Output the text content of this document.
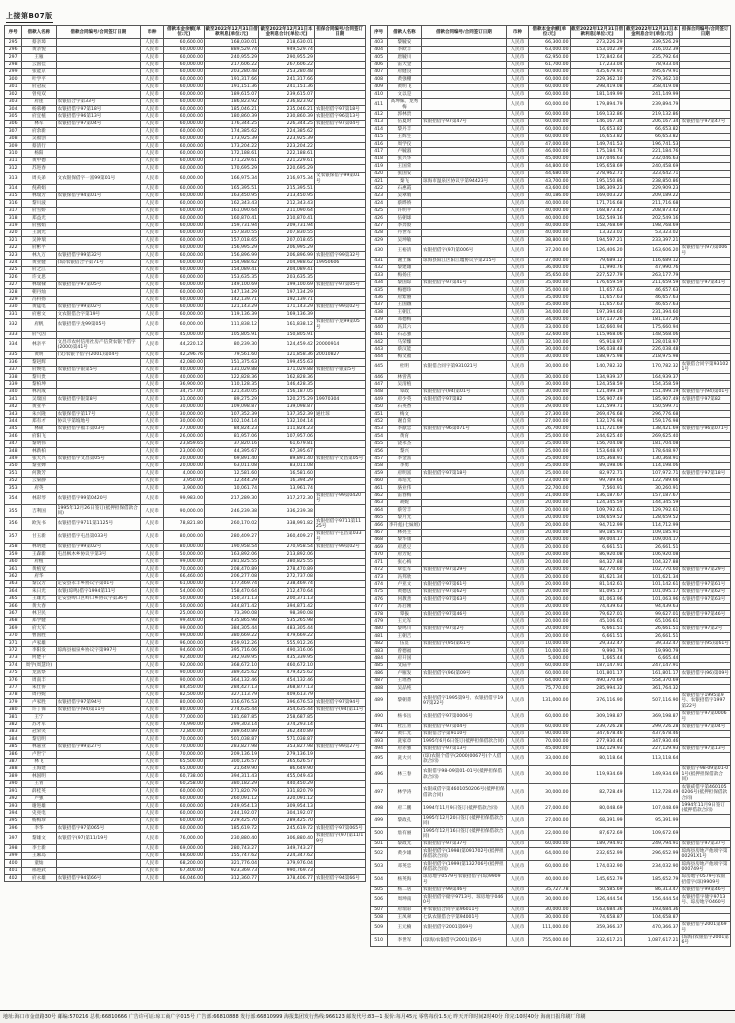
上接第B07版
序号	借款人名称	借款合同编号/合同签订日期	币种	借款本金余额[单位:元]	截至2022年12月31日借款利息[单位:元]	截至2022年12月31日本金利息合计[单位:元]	担保合同编号/合同签订日期
295	蔡亲璋		人民币	60,600.00	168,030.01	218,630.01	
296	黄亲悦		人民币	60,000.00	889,529.74	949,529.74	
297	王雁		人民币	60,000.00	240,955.29	290,955.29	
298	云国佳		人民币	60,000.00	217,606.22	267,606.22	
299	张能京		人民币	60,000.00	203,280.48	253,280.48	
300	叶学平		人民币	60,000.00	191,317.66	241,317.66	
301	府冠辰		人民币	60,000.00	191,151.36	241,151.36	
302	曾宛双		人民币	60,000.00	189,615.07	239,615.07	
303	府莲	农银借合字第33号	人民币	60,000.00	186,823.92	236,823.92	
304	杨慕樽	农银招借字97第18号	人民币	60,000.00	185,046.21	235,046.21	农银招借字97第18号
305	府宜植	农银招借字96第13号	人民币	60,000.00	180,860.39	230,860.39	农银招借字96第13号
306	林军	农银招借字97第04号	人民币	60,000.00	176,344.25	226,344.25	农银招借字97第04号
307	府余新		人民币	60,000.00	174,385.62	224,385.62	
308	吴福创		人民币	60,000.00	173,925.39	223,925.39	
309	蔡清行		人民币	60,000.00	173,204.22	223,204.22	
310	杨阳		人民币	60,000.00	172,188.61	222,188.61	
311	黄中德		人民币	60,000.00	171,229.61	221,229.61	
312	苏进春		人民币	60,000.00	170,695.29	220,695.29	
313	周关弟	文农银保借字一富99第01号	人民币	60,000.00	166,975.34	216,975.34	文农银保借字99第01号
314	倪莉娟		人民币	60,000.00	165,395.51	215,395.51	
315	林瑞芳	农银保借字94第01号	人民币	60,000.00	163,450.95	213,450.95	
316	黎川波		人民币	60,000.00	162,343.43	212,343.43	
317	府雪娇		人民币	60,000.00	161,090.64	211,090.64	
318	郑益光		人民币	60,000.00	160,870.41	210,870.41	
319	府燕娟		人民币	60,000.00	159,731.94	209,731.94	
320	王润光		人民币	60,000.00	157,830.55	207,830.55	
321	吴钟瑞		人民币	60,000.00	157,018.65	207,018.65	
322	府彬平		人民币	60,000.00	156,995.29	206,995.29	
323	林九万	农银招借字99第32号	人民币	60,000.00	156,896.99	206,896.99	农银招借字99第32号
324	黄业健	(琼)农银借合字第71号	人民币	60,000.00	154,988.62	204,988.62	19950606
325	府之江		人民币	60,000.00	154,089.41	204,089.41	
326	许文思		人民币	60,000.00	153,635.35	203,635.35	
327	林瑞棣	农银招借字97第05号	人民币	60,000.00	149,100.69	199,100.69	农银招借字97第05号
328	朝丹灿		人民币	60,000.00	147,134.29	197,134.29	
329	冯科扬		人民币	60,000.00	142,139.71	192,139.71	
330	黄锰电	农银招借字99第02号	人民币	60,000.00	121,143.29	171,143.29	农银招借字99第02号
331	府惠文	文农银借合字第19号	人民币	60,000.00	119,136.39	169,136.39	
332	府帆	农银招借字龙99第05号	人民币	60,000.00	111,838.12	161,838.12	农银招借字龙99第05号
333	府气因		人民币	45,000.00	105,805.91	150,805.91	
334	林亲平	文昌市农村信用社房产信贷农银个借字(2000)第41号	人民币	44,220.12	80,239.30	124,459.42	20000914
335	黄明	(文)农银个借字(2001)第04号	人民币	42,296.76	79,561.60	121,858.36	20010827
336	黎赳辉		人民币	42,080.00	151,375.63	199,455.63	
337	府焕电	农银招借字银第5号	人民币	40,000.00	131,029.88	171,029.88	农银招借字银第5号
338	黎川贵		人民币	40,000.00	122,828.36	162,828.36	
339	黎柏坤		人民币	36,900.00	110,128.35	146,428.35	
340	林丙成		人民币	34,757.00	121,430.05	156,187.05	
341	吴瑞国	农银招借字银第8号	人民币	31,000.00	89,275.29	120,275.29	19970304
342	黄亚平		人民币	30,000.00	109,098.87	139,098.87	
343	朱兴隆	农银保借字第17号	人民币	30,000.00	107,352.39	137,352.39	通壮琼
344	郑有才	协议字第坡地号	人民币	30,000.00	102,104.14	132,104.14	
345	林硕	农银招借字福丰第03号	人民币	27,000.00	84,824.23	111,824.23	
346	府阳飞		人民币	26,000.00	81,957.06	107,957.06	
347	黎明伟		人民币	23,859.65	37,820.16	61,679.81	
348	林新柏		人民币	23,000.00	44,395.67	67,395.67	
349	张大兴	农银招借字文昌第05号	人民币	20,000.00	69,891.40	89,891.40	农银招借字文昌第05号
350	黎亚婵		人民币	20,000.00	63,011.08	83,011.08	
351	何教芳		人民币	4,000.00	12,581.60	16,581.60	
352	云菊静		人民币	3,950.00	12,444.29	16,394.29	
353	府英		人民币	3,900.00	10,061.74	13,961.74	
354	林彩琴	农银招借字99第0420号	人民币	99,983.00	217,289.30	317,272.30	农银招借字99第0420号
355	吉利国	1995年12月26日签订(抵押担保借款合同)	人民币	90,000.00	246,239.38	336,239.38	
356	欧先书	农银招借字9711第1125号	人民币	78,821.80	260,170.02	338,991.82	农银招借字9711第1125号
357	甘玉新	农银招借字屯昌第033号	人民币	80,000.00	280,409.27	360,409.27	农银招借字屯昌第033号
358	林明建	农银招借字99第02号	人民币	80,000.00	190,958.54	270,958.54	农银招借字99第02号
359	王森新	屯昌枫木乡协议字第3号	人民币	50,000.00	163,892.06	213,892.06	
360	府植		人民币	99,000.00	281,825.55	380,825.55	
361	黄植宽		人民币	70,000.00	208,470.89	278,470.89	
362	府华		人民币	66,460.00	206,277.08	272,737.08	
363	黎汉芳	定安县永丰乡协议字第01号	人民币	61,000.00	177,469.74	238,469.74	
364	朱日光	农银(琼鸣)借字1994第11号	人民币	54,000.00	158,470.64	212,470.64	
365	王雄光	定安县岭口区岭口乡协议字第36号	人民币	50,000.00	150,371.13	200,371.13	
366	黄大春		人民币	50,000.00	344,871.42	394,871.42	
367	林卫民		人民币	25,000.00	73,390.08	98,390.08	
368	郑学健		人民币	99,400.00	435,865.98	535,265.98	
369	府大军		人民币	99,000.00	384,305.44	483,305.44	
370	曹国胜		人民币	99,000.00	380,669.22	479,669.22	
371	卢家雄		人民币	96,000.00	459,912.26	555,912.26	
372	李阳发	琼海县福泉乡协议字第997号	人民币	94,600.00	395,716.06	490,316.06	
373	何楚千		人民币	92,400.00	342,939.95	435,339.95	
374	周学(周慧玲)		人民币	92,000.00	368,672.10	460,672.10	
375	龙富察		人民币	90,000.00	389,425.62	479,425.62	
376	周南丰		人民币	90,000.00	364,132.46	454,132.46	
377	朱仕侨		人民币	84,450.00	284,427.13	368,877.13	
378	周丹妮		人民币	82,500.00	327,113.79	409,613.79	
379	卢家胜	农银招借字97第94号	人民币	80,000.00	316,676.53	396,676.53	农银招借字97第94号
380	许丁保	农银招借字(94)第11号	人民币	80,000.00	274,635.44	354,635.44	农银招借字(94)第11号
381	王宁		人民币	77,000.00	181,687.85	258,687.85	
382	苏才军		人民币	74,990.00	299,303.14	374,293.14	
383	冠荣笑		人民币	72,800.00	289,640.89	362,440.89	
384	黎启明		人民币	70,000.00	501,038.87	571,038.87	
385	林嘉业	农银招借字99第27号	人民币	70,000.00	283,827.98	353,827.98	农银招借字99第27号
386	卢世宁		人民币	70,000.00	209,136.19	279,136.19	
387	林飞		人民币	65,500.00	300,126.57	365,626.57	
388	王海建		人民币	65,000.00	21,649.90	86,649.90	
389	林国明		人民币	60,738.00	394,311.43	455,049.43	
390	王青		人民币	60,258.00	380,182.29	440,450.29	
391	薛桂英		人民币	60,000.00	271,820.79	331,820.79	
392	卢强		人民币	60,000.00	260,091.12	320,091.12	
393	谢进雄		人民币	60,000.00	249,954.13	309,954.13	
394	史亮电		人民币	60,000.00	244,192.07	304,192.07	
395	杨梅珍		人民币	60,000.00	229,425.70	289,425.70	
396	李华	农银招借字97第065号	人民币	60,000.00	185,619.72	245,619.72	农银招借字97第065号
397	黎雄文	农银借字(97)第11/19号	人民币	76,000.00	230,880.40	306,880.40	农银招借字(97)第11/19号
398	李士新		人民币	69,000.00	280,743.27	349,743.27	
399	王麻岛		人民币	68,600.00	155,747.62	224,347.62	
400	童灿		人民币	68,200.00	321,776.04	379,976.04	
401	邢进武		人民币	67,400.00	923,369.73	990,769.73	
402	府永雄	农银招借字94第66号	人民币	66,046.00	312,360.77	378,406.77	农银招借字94第66号
序号	借款人名称	借款合同编号/合同签订日期	币种	借款本金余额[单位:元]	截至2022年12月31日借款利息[单位:元]	截至2022年12月31日本金利息合计[单位:元]	担保合同编号/合同签订日期
403	黎毓安		人民币	66,300.00	273,226.29	339,526.29	
404	李欧丰		人民币	63,000.00	153,102.39	216,102.39	
405	唐毓川		人民币	62,950.00	172,842.64	235,792.64	
406	雷大金		人民币	61,700.00	17,233.04	78,933.04	
407	府健良		人民币	60,000.00	435,679.91	495,679.91	
408	黄强棚		人民币	60,000.00	229,362.10	279,362.10	
409	黄明飞		人民币	60,000.00	298,419.08	358,419.08	
410	文以是		人民币	60,000.00	181,149.99	241,149.99	
411	高坤妹、龙秀梅		人民币	60,000.00	179,894.79	239,894.79	
412	郭林贵		人民币	60,000.00	169,132.86	219,132.86	
413	伍夏时	农银招借字97第47号	人民币	60,000.00	146,167.34	206,167.34	农银招借字97第47号
414	黎丹丰		人民币	60,000.00	16,653.82	66,653.82	
415	王辉生		人民币	60,000.00	16,653.82	66,653.82	
416	周学仪		人民币	47,000.00	149,741.53	196,741.53	
417	卢毓淑		人民币	46,000.00	175,184.76	221,184.76	
418	张兴华		人民币	45,000.00	187,046.63	232,046.63	
419	王国荣		人民币	44,800.00	195,658.69	240,458.69	
420	张国安		人民币	44,680.00	278,962.71	323,642.71	
421	秦飞	琼海市温泉区协议字第94423号	人民币	43,700.00	195,150.86	238,850.86	
422	石惠霞		人民币	43,600.00	186,309.23	229,909.23	
423	吴翠娟		人民币	40,186.00	169,003.22	209,189.22	
424	蔡晔娇		人民币	40,000.00	171,716.68	211,716.68	
425	许明平		人民币	40,000.00	168,873.42	208,873.42	
426	伍朝球		人民币	40,000.00	162,549.16	202,549.16	
427	李奔姣		人民币	40,000.00	158,768.69	198,768.69	
428	丹世军		人民币	40,000.00	13,323.02	53,323.02	
429	吴坤敏		人民币	38,800.00	194,597.21	233,397.21	
430	王裕清	农银招借字(97)第006号	人民币	37,200.00	126,406.20	163,606.20	农银招借字(97)第006号
431	谢土妹	琼海县阳江区阳江墟协议字第215号	人民币	37,000.00	79,689.12	116,689.12	
432	黎建雄		人民币	36,000.00	11,990.76	47,990.76	
433	梅扬庄		人民币	35,650.00	227,527.79	263,177.79	
434	黎国琼	农银招借字97第41号	人民币	35,000.00	176,659.59	211,659.59	农银招借字97第41号
435	梅德珍		人民币	35,000.00	11,657.63	46,657.63	
436	府紫丽		人民币	35,000.00	11,657.63	46,657.63	
437	王国娥		人民币	35,000.00	11,657.63	46,657.63	
438	王朝江		人民币	34,000.00	197,394.60	231,394.60	
439	邓德梅		人民币	34,000.00	147,137.26	181,137.26	
440	冯其六		人民币	33,000.00	142,660.94	175,660.94	
441	石志强		人民币	32,600.00	115,968.06	148,568.06	
442	马荣臻		人民币	32,100.00	95,918.97	128,018.97	
443	蔡汉能		人民币	30,000.00	196,038.48	226,038.48	
444	梅文福		人民币	30,000.00	188,975.98	218,975.98	
445	杜明	农银借合同字第931021号	人民币	30,000.00	140,782.32	170,782.32	农银借合同字第931021号
446	林啻茜		人民币	30,000.00	134,939.37	164,939.37	
447	吴清植		人民币	30,000.00	124,358.59	154,358.59	
448	覃政	农银招借字(94)第01号	人民币	30,000.00	121,499.19	151,499.19	农银招借字(94)第01号
449	府少英	农银招借字97第82	人民币	29,000.00	156,907.49	185,907.49	农银招借字97第82
450	石英香		人民币	29,000.00	121,599.71	150,599.71	
451	梅文		人民币	27,300.00	269,476.68	296,776.68	
452	谢自荣		人民币	27,000.00	132,176.98	159,176.98	
453	李献忠	农银招借字96第071号	人民币	26,700.00	111,721.69	138,421.69	农银招借字96第071号
454	黄育		人民币	25,000.00	244,625.40	269,625.40	
455	饶永杰		人民币	25,000.00	156,704.08	181,704.08	
456	黎兴		人民币	25,000.00	153,648.97	178,648.97	
457	李金富		人民币	25,000.00	105,368.91	130,368.91	
458	李勇		人民币	25,000.00	89,198.06	114,198.06	
459	府明富	农银招借字97第18号	人民币	25,000.00	82,972.71	107,972.71	农银招借字97第18号
460	邓培光		人民币	23,000.00	99,789.66	122,789.66	
461	骆业伟		人民币	22,700.00	7,560.91	30,260.91	
462	雷春梅		人民币	21,000.00	136,187.67	157,187.67	
463	胡妮		人民币	20,000.00	124,345.59	144,345.59	
464	蔡劳丰		人民币	20,000.00	109,792.61	129,792.61	
465	黎月光		人民币	20,000.00	108,659.52	128,659.52	
466	李升彪(七妹姐)		人民币	20,000.00	94,712.99	114,712.99	
467	林亮主		人民币	20,000.00	89,185.91	109,185.91	
468	黎华康		人民币	20,000.00	89,004.17	109,004.17	
469	府恩豆		人民币	20,000.00	6,661.51	26,661.51	
470	府芳妃		人民币	20,000.00	86,920.08	106,920.08	
471	张心梅		人民币	20,000.00	84,327.88	104,327.88	
472	覃佳军	农银招借字97第29号	人民币	20,000.00	82,770.60	102,770.60	农银招借字97第29号
473	冯邦欣		人民币	20,000.00	81,621.34	101,621.34	
474	卢亚文	农银招借字97第61号	人民币	20,000.00	81,142.61	101,142.61	农银招借字97第61号
475	黄德送	农银招借字97第62号	人民币	20,000.00	81,095.17	101,095.17	农银招借字97第62号
476	何教善	农银招借字97第63号	人民币	20,000.00	81,063.96	101,063.96	农银招借字97第63号
477	苏启刚		人民币	20,000.00	74,439.63	94,439.63	
478	覃拔	农银招借字97第46号	人民币	20,000.00	79,627.01	99,627.01	农银招借字97第46号
479	王元军		人民币	20,000.00	45,106.61	65,106.61	
480	黎鸣川	农银招借字97第2号	人民币	20,000.00	6,661.51	26,661.51	农银招借字97第2号
481	王朝吉		人民币	20,000.00	6,661.51	26,661.51	
482	伍贯	农银招借字(95)第61号	人民币	10,000.00	29,332.47	39,332.47	农银招借字(95)第61号
483	曾德福		人民币	10,000.00	9,990.79	19,990.79	
484	府开国		人民币	5,000.00	1,665.44	6,665.44	
485	文陆平		人民币	60,000.00	187,147.91	247,147.91	
486	卢雁发	农银招借字(96)第09号	人民币	60,000.00	101,801.17	161,801.17	农银招借字(96)第09号
487	王瑶香		人民币	64,000.00	490,370.69	554,370.69	
488	吴品纯		人民币	75,770.00	285,994.32	361,764.32	
489	黎朝菁	农银招借字1995第9号、农银招借字1997第22号	人民币	131,000.00	376,116.90	507,116.90	农银招借字1995第9号、农银招借字1997第22号
490	杨书岳	农银招借字97第0006号	人民币	60,000.00	309,198.87	369,198.87	农银招借字97第0006号
491	杜江青	农银招借字97第04号	人民币	60,000.00	239,726.28	299,726.28	农银招借字97第04号
492	黄仁光	农银借合字第9110号	人民币	90,000.00	347,678.46	437,678.46	
493	冼家章	1995年6月6日签订(抵押担保借款合同)	人民币	70,000.00	277,930.46	347,930.46	
494	府赤强	农银招借字97第13号	人民币	45,000.00	182,129.93	227,129.93	农银招借字97第13号
495	冼大兴	(琼)农银个借字(2000)0067号(个人借款合同)	人民币	33,000.00	80,118.64	113,118.64	
496	林三春	农银借字98-09第01-01号(抵押担保借款合同)	人民币	30,000.00	119,934.69	149,934.69	农银借字98-09第01-01号(抵押担保借款合同)
497	林学涛	农银咸借字第4601050206号(抵押担保借款合同)	人民币	30,000.00	82,728.49	112,728.49	农银咸借字第4601050206号(抵押担保借款合同)
498	府二鹏	1994年11月9日签订(抵押借款合同)	人民币	27,000.00	80,048.69	107,048.69	1994年11月9日签订(抵押借款合同)
499	黎政孔	1995年12月20日签订(抵押担保借款合同)	人民币	27,000.00	68,391.99	95,391.99	
500	詹有丽	1995年12月16日签订(抵押担保借款合同)	人民币	22,000.00	87,672.69	109,672.69	
501	黎政光	农银招借字97第37号	人民币	60,000.00	189,794.91	249,794.91	农银招借字97第37号
502	黄少雄	农银招借字(1998)第091702号(抵押担保借款合同)	人民币	64,000.00	232,652.99	296,652.99	琼海县房地产他项字第00291X1号
503	邓英忠	农银招借字(1999)第132706号(抵押担保借款合同)	人民币	60,000.00	174,032.90	234,032.90	琼海县房地产他项字第000749号
504	杨英海	琼房地字0579号农银招借字(琼)9909号	人民币	40,000.00	145,652.79	185,652.79	琼房地字0579号农银招借字(琼)9909号
505	杨二居	农银招借字99第46号	人民币	35,727.78	50,585.69	86,313.47	农银招借字99第46号
506	周坤南	农银招借字储字9713号、琼房地字0460号	人民币	30,000.00	126,444.54	156,444.54	农银招借字储字9713号、琼房地字0460号
507	府瑞彩	补农银借合同字第96011号	人民币	30,000.00	163,684.36	193,684.36	
508	王凤翠	七队农银借合字第94001号	人民币	30,000.00	74,658.87	104,658.87	
509	王元楠	农银招借字2001第69号	人民币	111,000.00	359,366.37	470,366.37	农银招借字2001第69号
510	李世军	(琼海)农银借字(2001)第6号	人民币	755,000.00	332,617.21	1,087,617.21	(琼海)农银借字2001第6号
地址:海口市金盘路30号 邮编:570216 总机:66810666 广告许可证:琼工商广字015号 广告部:66810888 发行部:66810999 海报集团发行热线:966123 邮发代号:83—1 报价:每月45元 零售每份1.5元 昨天开印时间2时40分 印完:10时40分 海南日报印刷厂印刷
